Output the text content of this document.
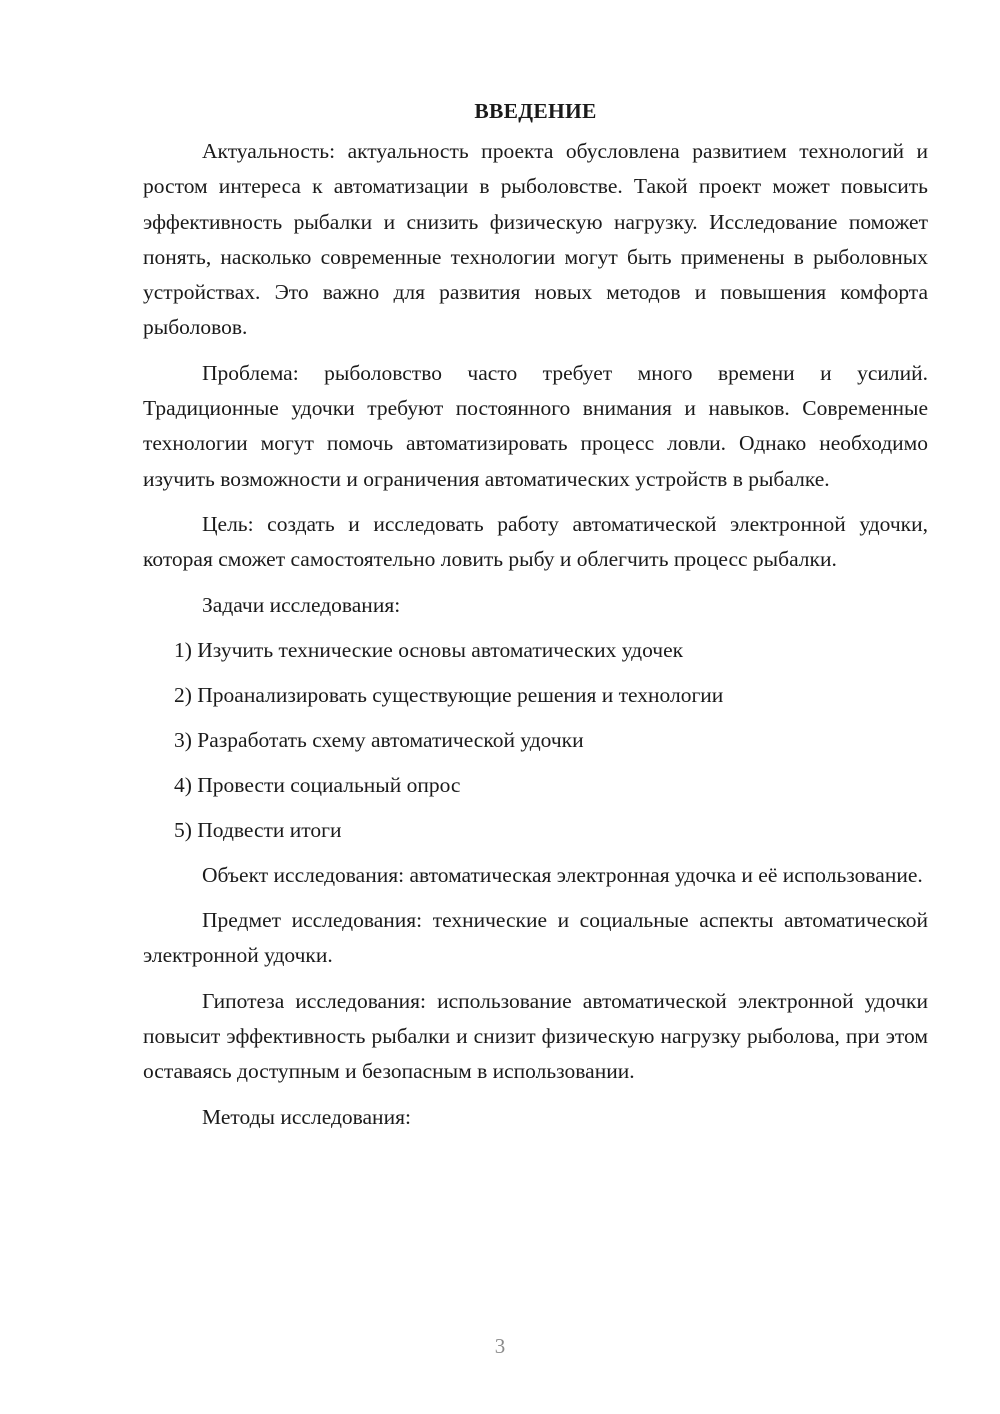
ВВЕДЕНИЕ

Актуальность: актуальность проекта обусловлена развитием технологий и ростом интереса к автоматизации в рыболовстве. Такой проект может повысить эффективность рыбалки и снизить физическую нагрузку. Исследование поможет понять, насколько современные технологии могут быть применены в рыболовных устройствах. Это важно для развития новых методов и повышения комфорта рыболовов.

Проблема: рыболовство часто требует много времени и усилий. Традиционные удочки требуют постоянного внимания и навыков. Современные технологии могут помочь автоматизировать процесс ловли. Однако необходимо изучить возможности и ограничения автоматических устройств в рыбалке.

Цель: создать и исследовать работу автоматической электронной удочки, которая сможет самостоятельно ловить рыбу и облегчить процесс рыбалки.

Задачи исследования:

1) Изучить технические основы автоматических удочек
2) Проанализировать существующие решения и технологии
3) Разработать схему автоматической удочки
4) Провести социальный опрос
5) Подвести итоги

Объект исследования: автоматическая электронная удочка и её использование.

Предмет исследования: технические и социальные аспекты автоматической электронной удочки.

Гипотеза исследования: использование автоматической электронной удочки повысит эффективность рыбалки и снизит физическую нагрузку рыболова, при этом оставаясь доступным и безопасным в использовании.

Методы исследования:

3
